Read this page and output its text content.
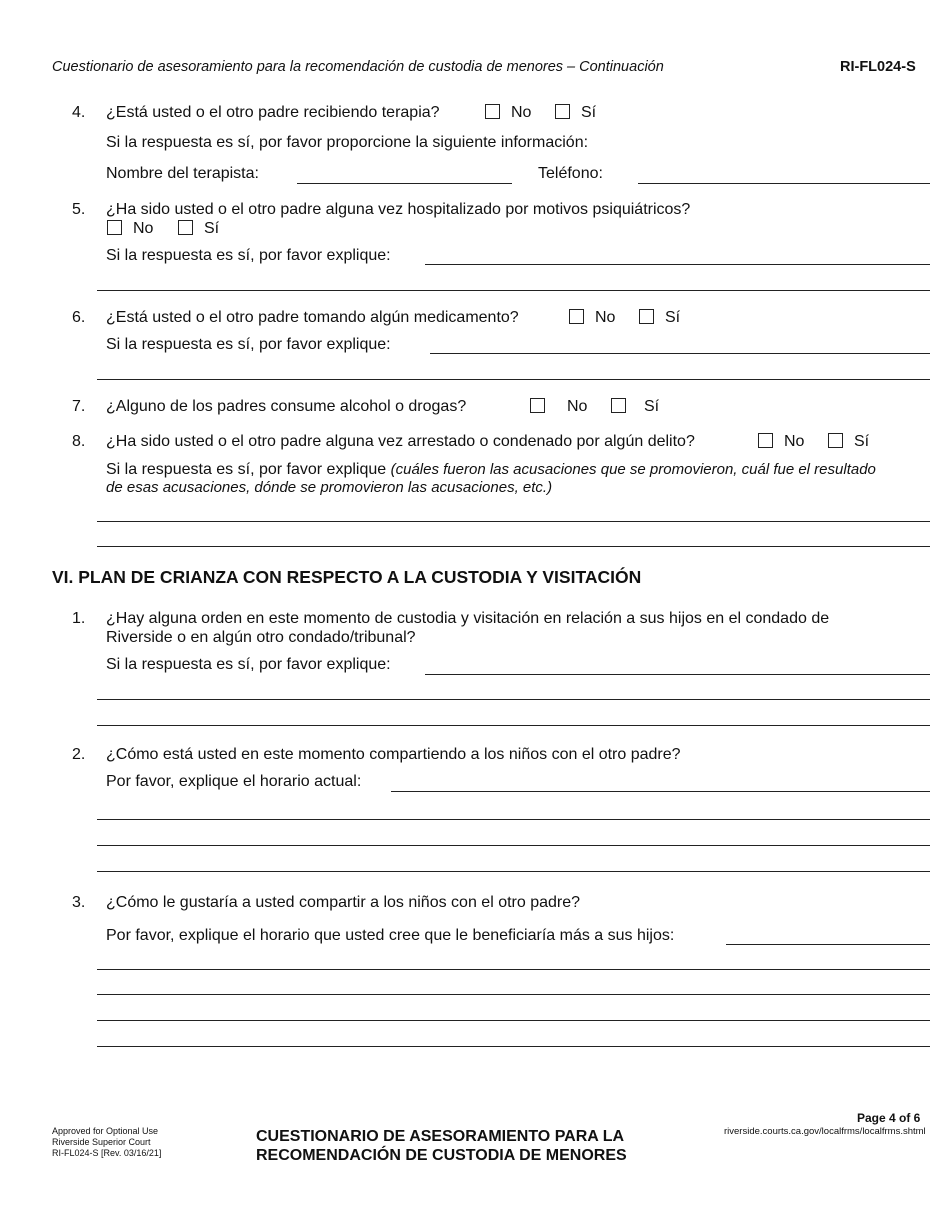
Cuestionario de asesoramiento para la recomendación de custodia de menores – Continuación	RI-FL024-S
4. ¿Está usted o el otro padre recibiendo terapia?	No	Sí
Si la respuesta es sí, por favor proporcione la siguiente información:
Nombre del terapista:	Teléfono:
5. ¿Ha sido usted o el otro padre alguna vez hospitalizado por motivos psiquiátricos?
No	Sí
Si la respuesta es sí, por favor explique:
6. ¿Está usted o el otro padre tomando algún medicamento?	No	Sí
Si la respuesta es sí, por favor explique:
7. ¿Alguno de los padres consume alcohol o drogas?	No	Sí
8. ¿Ha sido usted o el otro padre alguna vez arrestado o condenado por algún delito?	No	Sí
Si la respuesta es sí, por favor explique (cuáles fueron las acusaciones que se promovieron, cuál fue el resultado
de esas acusaciones, dónde se promovieron las acusaciones, etc.)
VI. PLAN DE CRIANZA CON RESPECTO A LA CUSTODIA Y VISITACIÓN
1. ¿Hay alguna orden en este momento de custodia y visitación en relación a sus hijos en el condado de
Riverside o en algún otro condado/tribunal?
Si la respuesta es sí, por favor explique:
2. ¿Cómo está usted en este momento compartiendo a los niños con el otro padre?
Por favor, explique el horario actual:
3. ¿Cómo le gustaría a usted compartir a los niños con el otro padre?
Por favor, explique el horario que usted cree que le beneficiaría más a sus hijos:
Approved for Optional Use
Riverside Superior Court
RI-FL024-S [Rev. 03/16/21]
CUESTIONARIO DE ASESORAMIENTO PARA LA
RECOMENDACIÓN DE CUSTODIA DE MENORES
Page 4 of 6
riverside.courts.ca.gov/localfrms/localfrms.shtml
